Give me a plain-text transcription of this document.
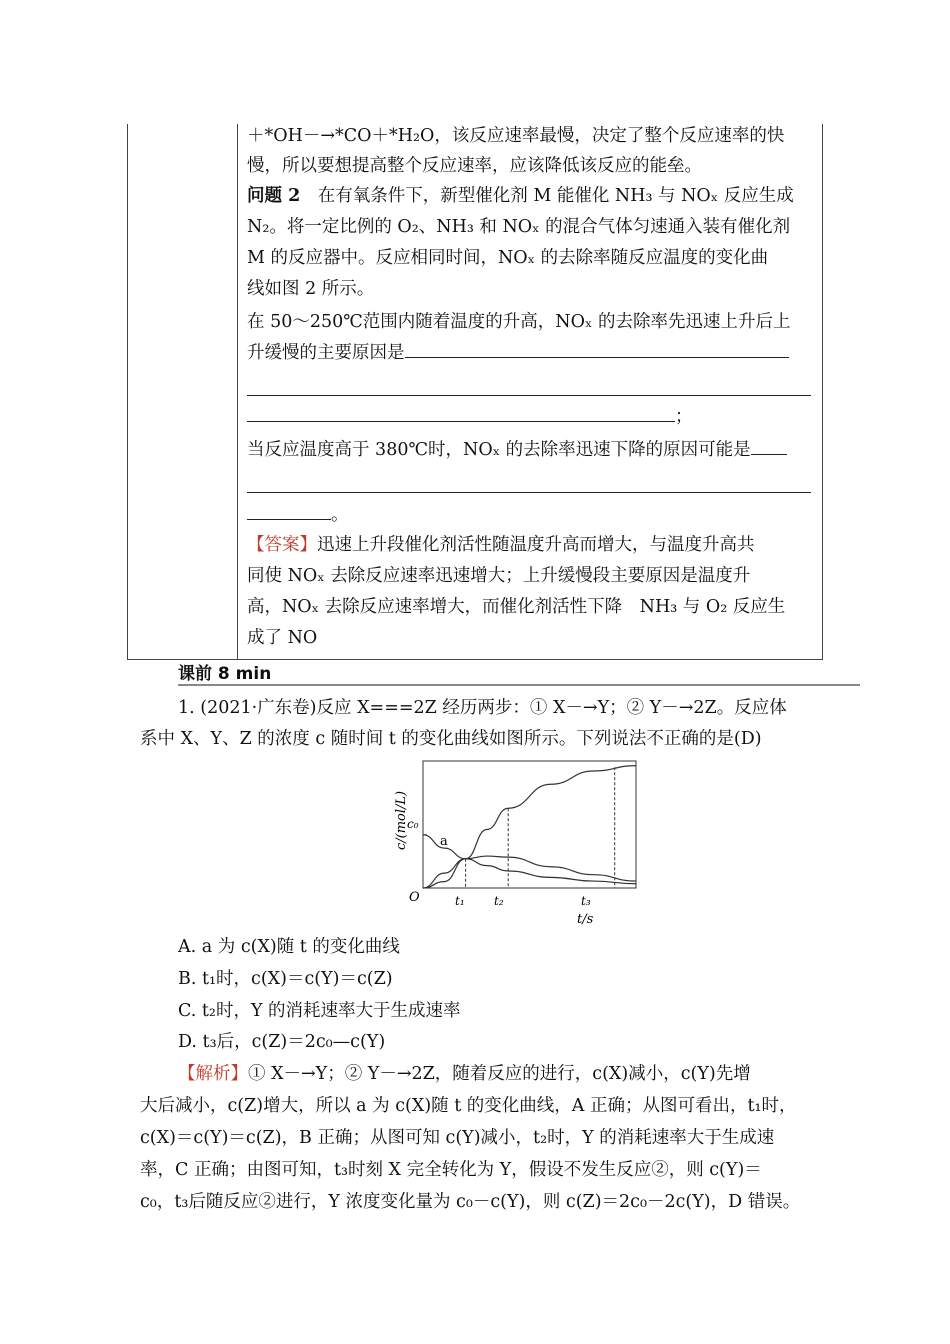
＋*OH－→*CO＋*H₂O，该反应速率最慢，决定了整个反应速率的快
慢，所以要想提高整个反应速率，应该降低该反应的能垒。
问题 2　 在有氧条件下，新型催化剂 M 能催化 NH₃ 与 NOₓ 反应生成
N₂。将一定比例的 O₂、NH₃ 和 NOₓ 的混合气体匀速通入装有催化剂
M 的反应器中。反应相同时间，NOₓ 的去除率随反应温度的变化曲
线如图 2 所示。
在 50～250℃范围内随着温度的升高，NOₓ 的去除率先迅速上升后上
升缓慢的主要原因是
；
当反应温度高于 380℃时，NOₓ 的去除率迅速下降的原因可能是
。
【答案】迅速上升段催化剂活性随温度升高而增大，与温度升高共
同使 NOₓ 去除反应速率迅速增大；上升缓慢段主要原因是温度升
高，NOₓ 去除反应速率增大，而催化剂活性下降　NH₃ 与 O₂ 反应生
成了 NO
课前 8 min
1. (2021·广东卷)反应 X===2Z 经历两步：① X－→Y；② Y－→2Z。反应体
系中 X、Y、Z 的浓度 c 随时间 t 的变化曲线如图所示。下列说法不正确的是(D)
c/(mol/L)
c₀
O
a
t₁ t₂	t₃
t/s
A. a 为 c(X)随 t 的变化曲线
B. t₁时，c(X)＝c(Y)＝c(Z)
C. t₂时，Y 的消耗速率大于生成速率
D. t₃后，c(Z)＝2c₀—c(Y)
【解析】① X－→Y；② Y－→2Z，随着反应的进行，c(X)减小，c(Y)先增
大后减小，c(Z)增大，所以 a 为 c(X)随 t 的变化曲线，A 正确；从图可看出，t₁时，
c(X)＝c(Y)＝c(Z)，B 正确；从图可知 c(Y)减小，t₂时，Y 的消耗速率大于生成速
率，C 正确；由图可知，t₃时刻 X 完全转化为 Y，假设不发生反应②，则 c(Y)＝
c₀，t₃后随反应②进行，Y 浓度变化量为 c₀－c(Y)，则 c(Z)＝2c₀－2c(Y)，D 错误。
